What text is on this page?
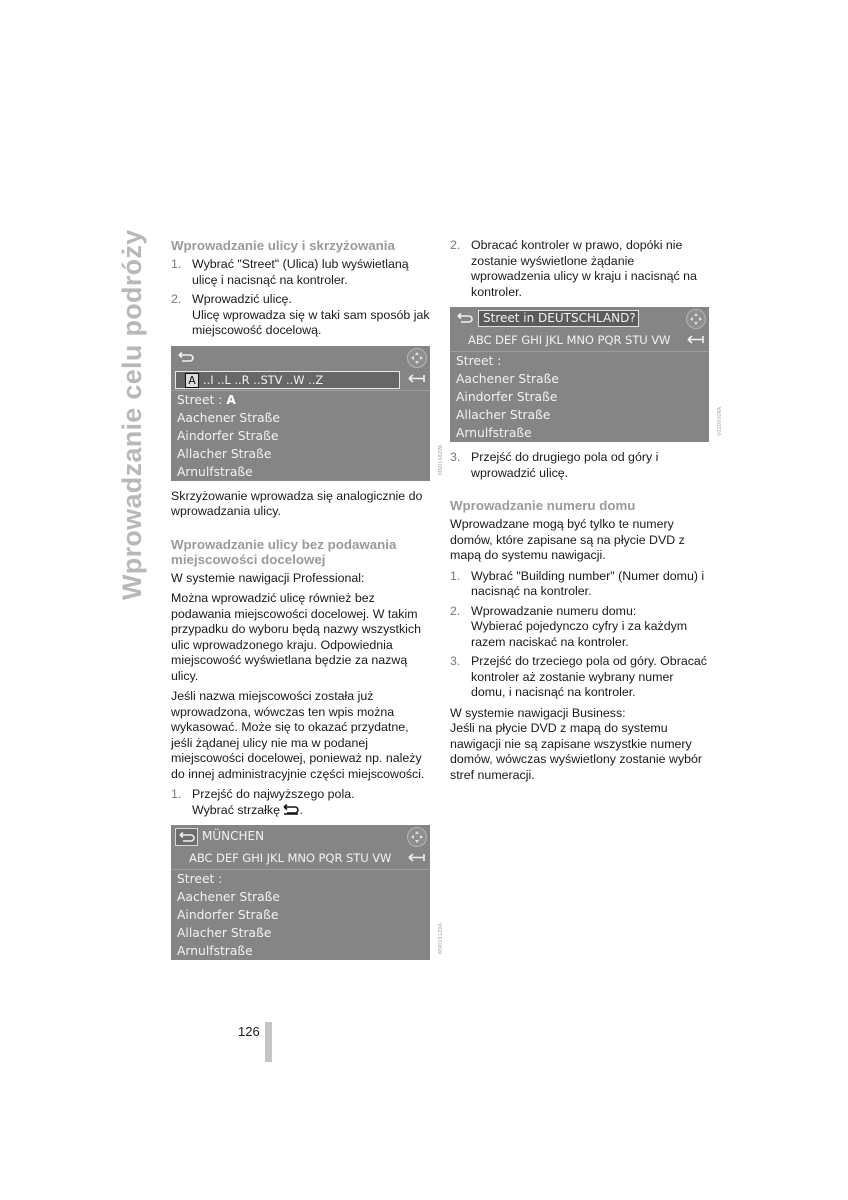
Wprowadzanie celu podróży	Wprowadzanie ulicy i skrzyżowania
1. Wybrać "Street" (Ulica) lub wyświetlaną ulicę i nacisnąć na kontroler.
2. Wprowadzić ulicę.
Ulicę wprowadza się w taki sam sposób jak miejscowość docelową.
A ..I ..L ..R ..STV ..W ..Z
Street : A
Aachener Straße
Aindorfer Straße
Allacher Straße
Arnulfstraße	MN0148ZPA

Skrzyżowanie wprowadza się analogicznie do wprowadzania ulicy.

Wprowadzanie ulicy bez podawania miejscowości docelowej

W systemie nawigacji Professional:

Można wprowadzić ulicę również bez podawania miejscowości docelowej. W takim przypadku do wyboru będą nazwy wszystkich ulic wprowadzonego kraju. Odpowiednia miejscowość wyświetlana będzie za nazwą ulicy.

Jeśli nazwa miejscowości została już wprowadzona, wówczas ten wpis można wykasować. Może się to okazać przydatne, jeśli żądanej ulicy nie ma w podanej miejscowości docelowej, ponieważ np. należy do innej administracyjnie części miejscowości.

1. Przejść do najwyższego pola.
Wybrać strzałkę .
MÜNCHEN
ABC DEF GHI JKL MNO PQR STU VW
Street :
Aachener Straße
Aindorfer Straße
Allacher Straße
Arnulfstraße	MN0191ZRA
2. Obracać kontroler w prawo, dopóki nie zostanie wyświetlone żądanie wprowadzenia ulicy w kraju i nacisnąć na kontroler.
Street in DEUTSCHLAND?
ABC DEF GHI JKL MNO PQR STU VW
Street :
Aachener Straße
Aindorfer Straße
Allacher Straße
Arnulfstraße	V020930RA
3. Przejść do drugiego pola od góry i wprowadzić ulicę.
Wprowadzanie numeru domu

Wprowadzane mogą być tylko te numery domów, które zapisane są na płycie DVD z mapą do systemu nawigacji.

1. Wybrać "Building number" (Numer domu) i nacisnąć na kontroler.
2. Wprowadzanie numeru domu:
Wybierać pojedynczo cyfry i za każdym razem naciskać na kontroler.
3. Przejść do trzeciego pola od góry. Obracać kontroler aż zostanie wybrany numer domu, i nacisnąć na kontroler.

W systemie nawigacji Business:

Jeśli na płycie DVD z mapą do systemu nawigacji nie są zapisane wszystkie numery domów, wówczas wyświetlony zostanie wybór stref numeracji.

126
